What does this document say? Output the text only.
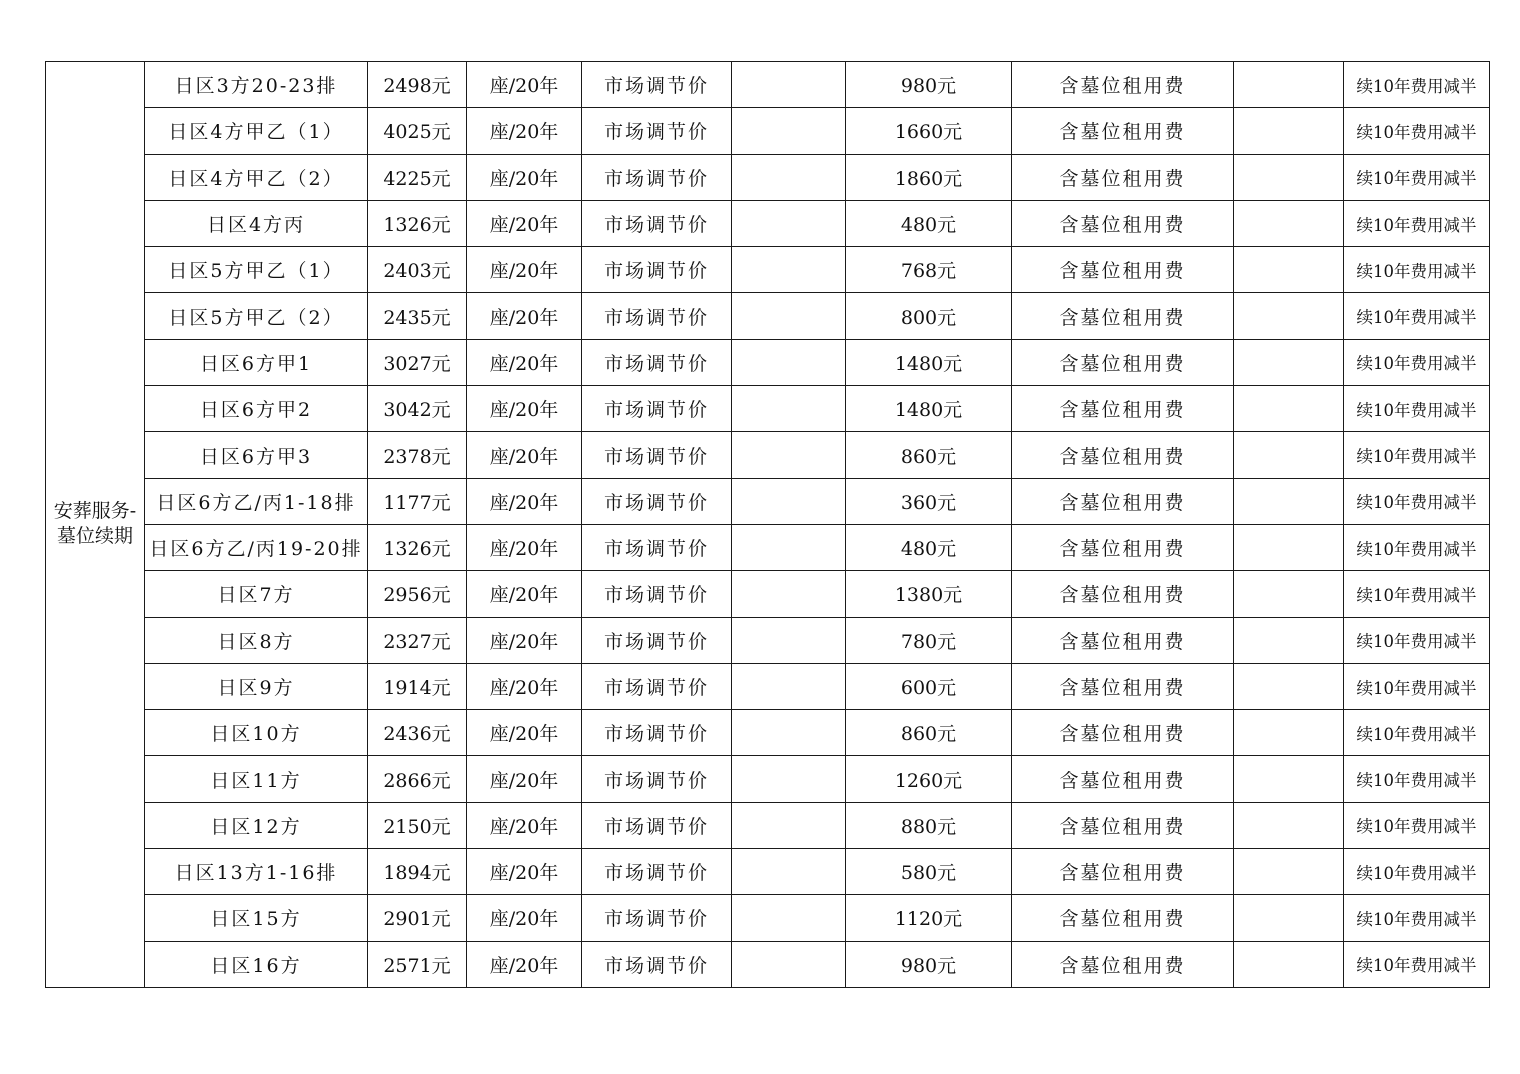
安葬服务-墓位续期	日区3方20-23排	2498元	座/20年	市场调节价		980元	含墓位租用费		续10年费用减半
	日区4方甲乙（1）	4025元	座/20年	市场调节价		1660元	含墓位租用费		续10年费用减半
	日区4方甲乙（2）	4225元	座/20年	市场调节价		1860元	含墓位租用费		续10年费用减半
	日区4方丙	1326元	座/20年	市场调节价		480元	含墓位租用费		续10年费用减半
	日区5方甲乙（1）	2403元	座/20年	市场调节价		768元	含墓位租用费		续10年费用减半
	日区5方甲乙（2）	2435元	座/20年	市场调节价		800元	含墓位租用费		续10年费用减半
	日区6方甲1	3027元	座/20年	市场调节价		1480元	含墓位租用费		续10年费用减半
	日区6方甲2	3042元	座/20年	市场调节价		1480元	含墓位租用费		续10年费用减半
	日区6方甲3	2378元	座/20年	市场调节价		860元	含墓位租用费		续10年费用减半
	日区6方乙/丙1-18排	1177元	座/20年	市场调节价		360元	含墓位租用费		续10年费用减半
	日区6方乙/丙19-20排	1326元	座/20年	市场调节价		480元	含墓位租用费		续10年费用减半
	日区7方	2956元	座/20年	市场调节价		1380元	含墓位租用费		续10年费用减半
	日区8方	2327元	座/20年	市场调节价		780元	含墓位租用费		续10年费用减半
	日区9方	1914元	座/20年	市场调节价		600元	含墓位租用费		续10年费用减半
	日区10方	2436元	座/20年	市场调节价		860元	含墓位租用费		续10年费用减半
	日区11方	2866元	座/20年	市场调节价		1260元	含墓位租用费		续10年费用减半
	日区12方	2150元	座/20年	市场调节价		880元	含墓位租用费		续10年费用减半
	日区13方1-16排	1894元	座/20年	市场调节价		580元	含墓位租用费		续10年费用减半
	日区15方	2901元	座/20年	市场调节价		1120元	含墓位租用费		续10年费用减半
	日区16方	2571元	座/20年	市场调节价		980元	含墓位租用费		续10年费用减半
